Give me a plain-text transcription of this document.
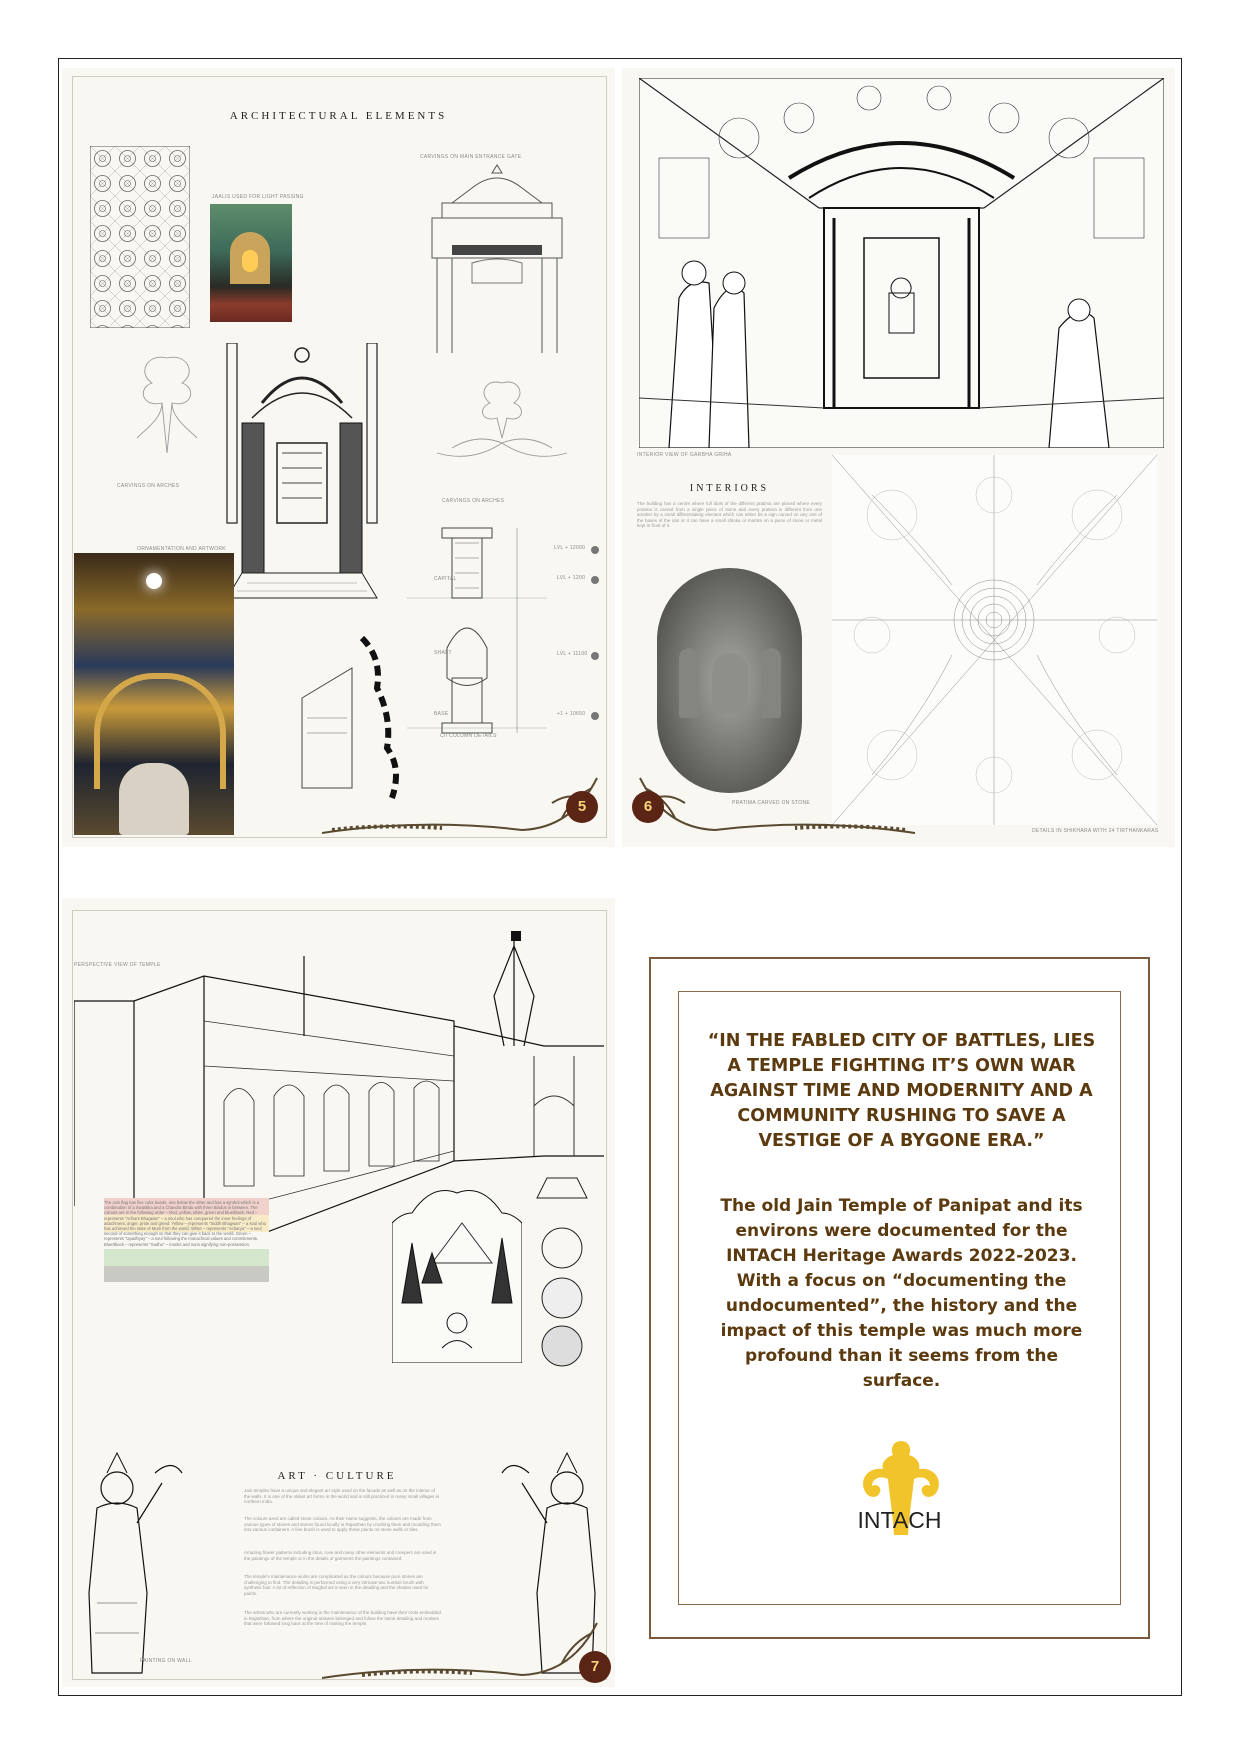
ARCHITECTURAL ELEMENTS
JAALIS USED FOR LIGHT PASSING
CARVINGS ON MAIN ENTRANCE GATE
CARVINGS ON ARCHES
CARVINGS ON ARCHES
ORNAMENTATION AND ARTWORK	LVL + 12000
LVL + 1200
LVL + 11100
+1 + 10650
CAPITAL
SHAFT
BASE
C/I COLUMN DETAILS
5
INTERIOR VIEW OF GARBHA GRIHA
INTERIORS
The building has a centre where full idols of the different pratima are placed where every pratima is carved from a single piece of stone and every pratima is different from one another by a small differentiating element which can either be a sign carved on any one of the bases of the idol or it can have a small shloka or mantra on a piece of stone or metal kept in front of it.
PRATIMA CARVED ON STONE
DETAILS IN SHIKHARA WITH 24 TIRTHANKARAS
6
PERSPECTIVE VIEW OF TEMPLE
The Jain flag has five color bands, one below the other and has a symbol which is a combination of a Swastika and a Chandra Bindu with three Bindus in between. The colours are in the following order – Red, yellow, white, green and blue/black. Red – represents "Arihant Bhagwan" – a soul who has conquered the inner feelings of attachment, anger, pride and greed. Yellow – represents "Siddh Bhagwan" – a soul who has achieved the state of Murti from the world. White – represents "Acharya" – a soul second of something enough so that they can give it back to the world. Green – represents "Upadhyay" – a soul following the monachical values and commitments. Blue/Black – represents "Sadhu" – monks and nuns signifying non-possession.
ART · CULTURE
Jain temples have a unique and elegant art style used on the facade as well as on the interior of the walls. It is one of the oldest art forms in the world and is still practiced in many small villages in northern India.
The colours used are called stone colours. As their name suggests, the colours are made from various types of stones and stones found locally in Rajasthan by crushing them and moulding them into various containers. A fine brush is used to apply these paints on stone walls or tiles.
Amazing flower patterns including lotus, rose and many other elements and creepers are used in the paintings of the temple or in the details of garments the paintings contained.
The temple's maintenance works are complicated as the colours because pure stones are challenging to find. The detailing is performed using a very intricate two number brush with synthetic hair. A lot of reflection of Mughal art is seen in the detailing and the shades used for paints.
The artists who are currently working in the maintenance of the building have their roots embedded in Rajasthan, from where the original artisans belonged and follow the same detailing and motives that were followed long back at the time of making the temple.
PAINTING ON WALL	7
“IN THE FABLED CITY OF BATTLES, LIES A TEMPLE FIGHTING IT’S OWN WAR AGAINST TIME AND MODERNITY AND A COMMUNITY RUSHING TO SAVE A VESTIGE OF A BYGONE ERA.”
The old Jain Temple of Panipat and its environs were documented for the INTACH Heritage Awards 2022-2023. With a focus on “documenting the undocumented”, the history and the impact of this temple was much more profound than it seems from the surface.
INTACH
